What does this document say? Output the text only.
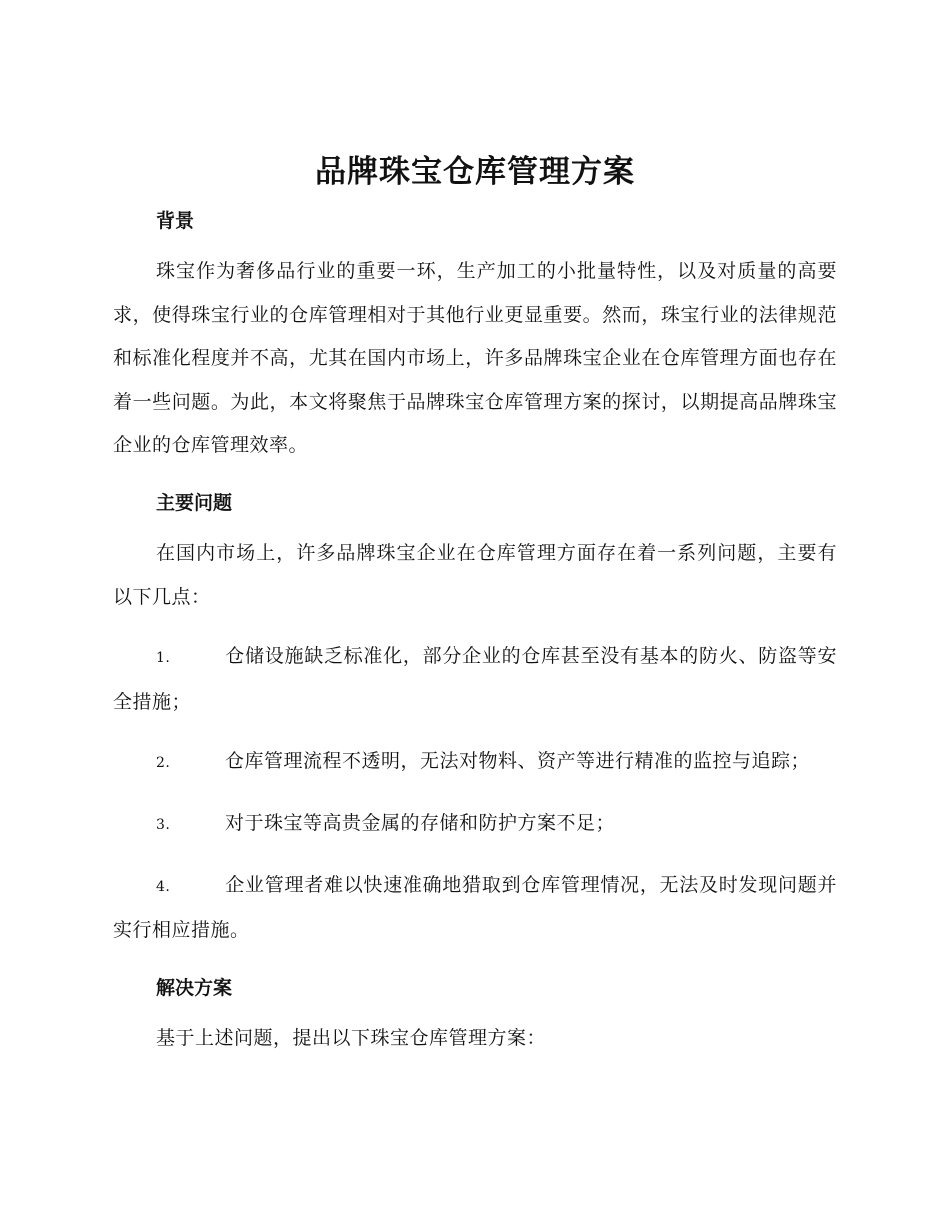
品牌珠宝仓库管理方案
背景

珠宝作为奢侈品行业的重要一环，生产加工的小批量特性，以及对质量的高要求，使得珠宝行业的仓库管理相对于其他行业更显重要。然而，珠宝行业的法律规范和标准化程度并不高，尤其在国内市场上，许多品牌珠宝企业在仓库管理方面也存在着一些问题。为此，本文将聚焦于品牌珠宝仓库管理方案的探讨，以期提高品牌珠宝企业的仓库管理效率。

主要问题

在国内市场上，许多品牌珠宝企业在仓库管理方面存在着一系列问题，主要有以下几点：

1.	仓储设施缺乏标准化，部分企业的仓库甚至没有基本的防火、防盗等安全措施；
2.	仓库管理流程不透明，无法对物料、资产等进行精准的监控与追踪；
3.	对于珠宝等高贵金属的存储和防护方案不足；
4.	企业管理者难以快速准确地猎取到仓库管理情况，无法及时发现问题并实行相应措施。
解决方案

基于上述问题，提出以下珠宝仓库管理方案：
